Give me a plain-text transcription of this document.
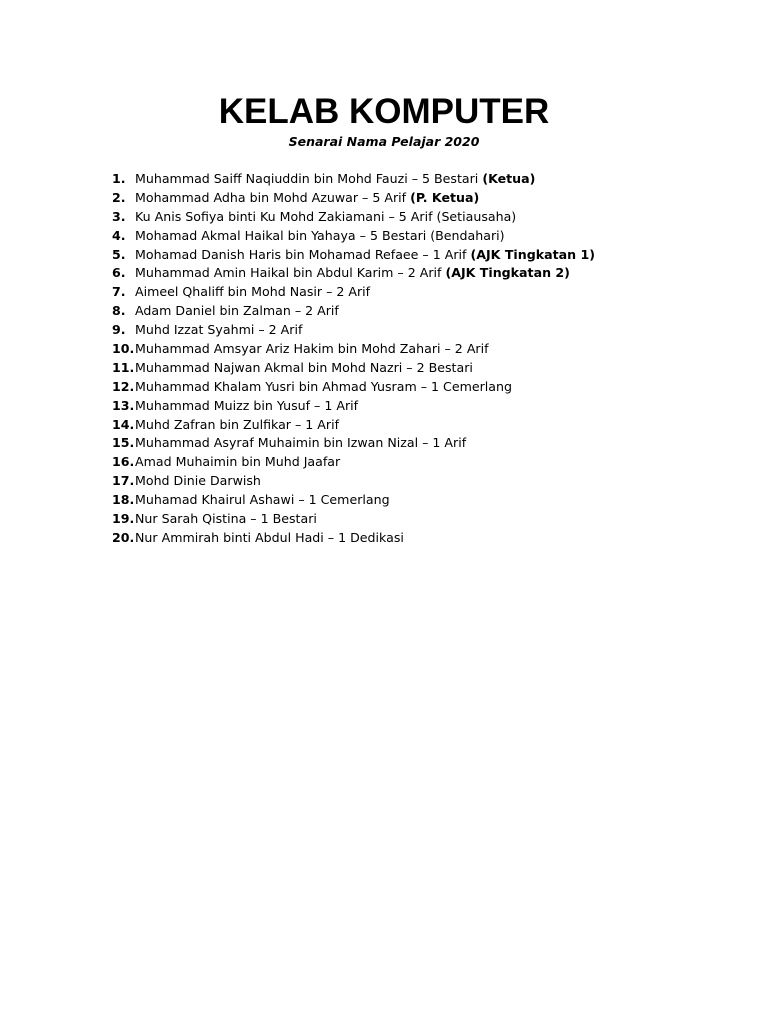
KELAB KOMPUTER

Senarai Nama Pelajar 2020

1. Muhammad Saiff Naqiuddin bin Mohd Fauzi – 5 Bestari (Ketua)
2. Mohammad Adha bin Mohd Azuwar – 5 Arif (P. Ketua)
3. Ku Anis Sofiya binti Ku Mohd Zakiamani – 5 Arif (Setiausaha)
4. Mohamad Akmal Haikal bin Yahaya – 5 Bestari (Bendahari)
5. Mohamad Danish Haris bin Mohamad Refaee – 1 Arif (AJK Tingkatan 1)
6. Muhammad Amin Haikal bin Abdul Karim – 2 Arif (AJK Tingkatan 2)
7. Aimeel Qhaliff bin Mohd Nasir – 2 Arif
8. Adam Daniel bin Zalman – 2 Arif
9. Muhd Izzat Syahmi – 2 Arif
10. Muhammad Amsyar Ariz Hakim bin Mohd Zahari – 2 Arif
11. Muhammad Najwan Akmal bin Mohd Nazri – 2 Bestari
12. Muhammad Khalam Yusri bin Ahmad Yusram – 1 Cemerlang
13. Muhammad Muizz bin Yusuf – 1 Arif
14. Muhd Zafran bin Zulfikar – 1 Arif
15. Muhammad Asyraf Muhaimin bin Izwan Nizal – 1 Arif
16. Amad Muhaimin bin Muhd Jaafar
17. Mohd Dinie Darwish
18. Muhamad Khairul Ashawi – 1 Cemerlang
19. Nur Sarah Qistina – 1 Bestari
20. Nur Ammirah binti Abdul Hadi – 1 Dedikasi
